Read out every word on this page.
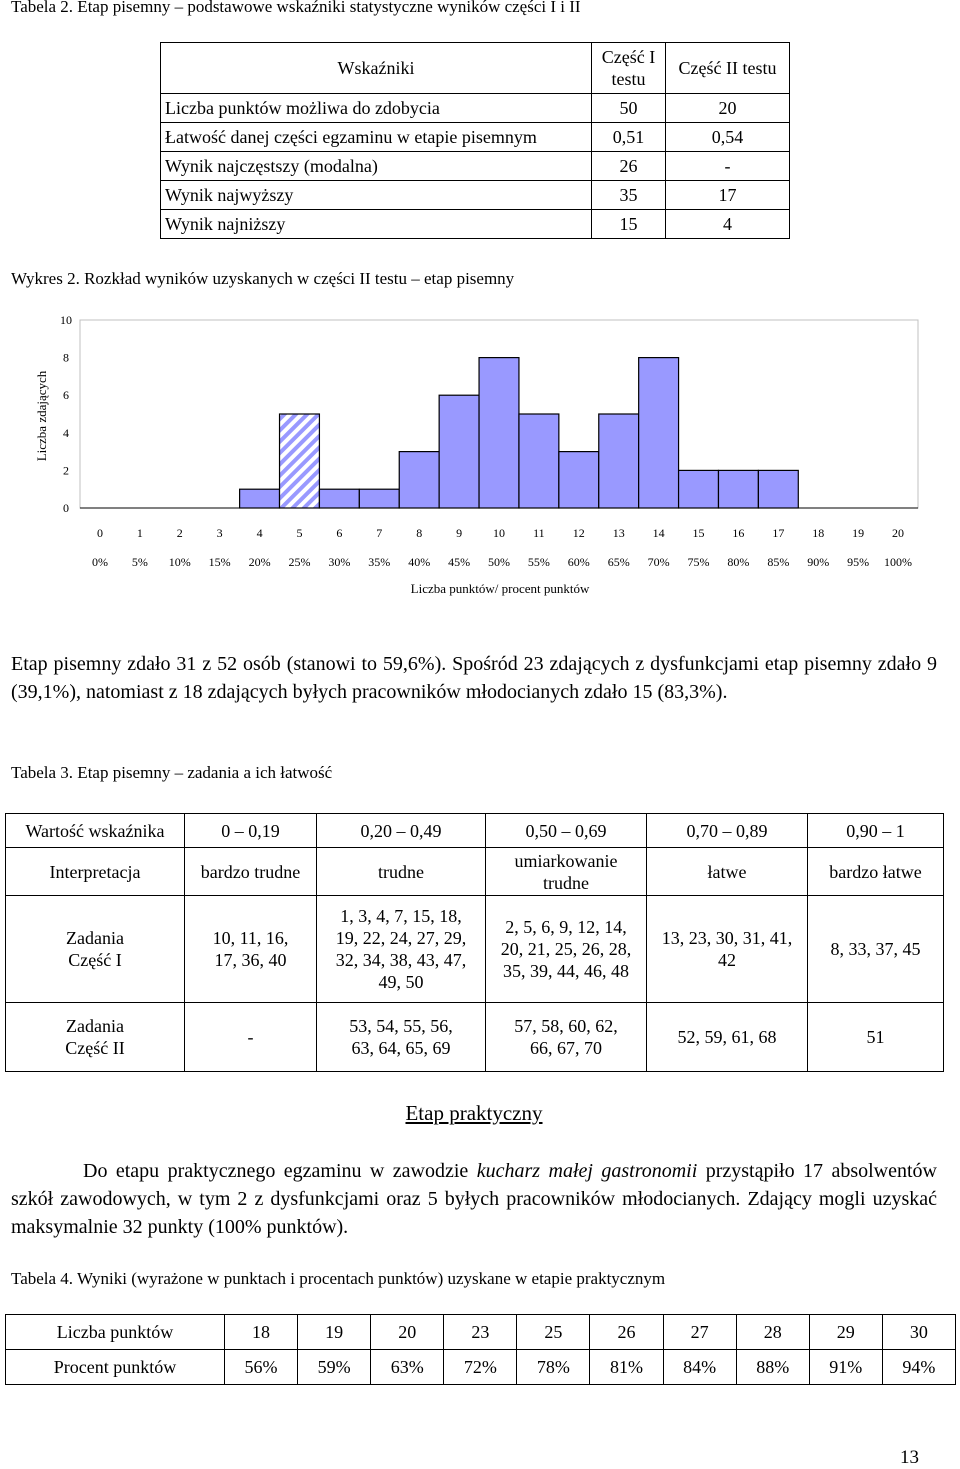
Tabela 2. Etap pisemny – podstawowe wskaźniki statystyczne wyników części I i II
Wskaźniki	Część I testu	Część II testu
Liczba punktów możliwa do zdobycia	50	20
Łatwość danej części egzaminu w etapie pisemnym	0,51	0,54
Wynik najczęstszy (modalna)	26	-
Wynik najwyższy	35	17
Wynik najniższy	15	4
Wykres 2. Rozkład wyników uzyskanych w części II testu – etap pisemny
0
2
4
6
8
10
0
0%
1
5%
2
10%
3
15%
4
20%
5
25%
6
30%
7
35%
8
40%
9
45%
10
50%
11
55%
12
60%
13
65%
14
70%
15
75%
16
80%
17
85%
18
90%
19
95%
20
100%
Liczba zdających
Liczba punktów/ procent punktów

Etap pisemny zdało 31 z 52 osób (stanowi to 59,6%). Spośród 23 zdających z dysfunkcjami etap pisemny zdało 9 (39,1%), natomiast z 18 zdających byłych pracowników młodocianych zdało 15 (83,3%).

Tabela 3. Etap pisemny – zadania a ich łatwość
Wartość wskaźnika	0 – 0,19	0,20 – 0,49	0,50 – 0,69	0,70 – 0,89	0,90 – 1
Interpretacja	bardzo trudne	trudne	umiarkowanie trudne	łatwe	bardzo łatwe
Zadania Część I	10, 11, 16, 17, 36, 40	1, 3, 4, 7, 15, 18, 19, 22, 24, 27, 29, 32, 34, 38, 43, 47, 49, 50	2, 5, 6, 9, 12, 14, 20, 21, 25, 26, 28, 35, 39, 44, 46, 48	13, 23, 30, 31, 41, 42	8, 33, 37, 45
Zadania Część II	-	53, 54, 55, 56, 63, 64, 65, 69	57, 58, 60, 62, 66, 67, 70	52, 59, 61, 68	51
Etap praktyczny

Do etapu praktycznego egzaminu w zawodzie kucharz małej gastronomii przystąpiło 17 absolwentów szkół zawodowych, w tym 2 z dysfunkcjami oraz 5 byłych pracowników młodocianych. Zdający mogli uzyskać maksymalnie 32 punkty (100% punktów).

Tabela 4. Wyniki (wyrażone w punktach i procentach punktów) uzyskane w etapie praktycznym
Liczba punktów	18	19	20	23	25	26	27	28	29	30
Procent punktów	56%	59%	63%	72%	78%	81%	84%	88%	91%	94%
13
